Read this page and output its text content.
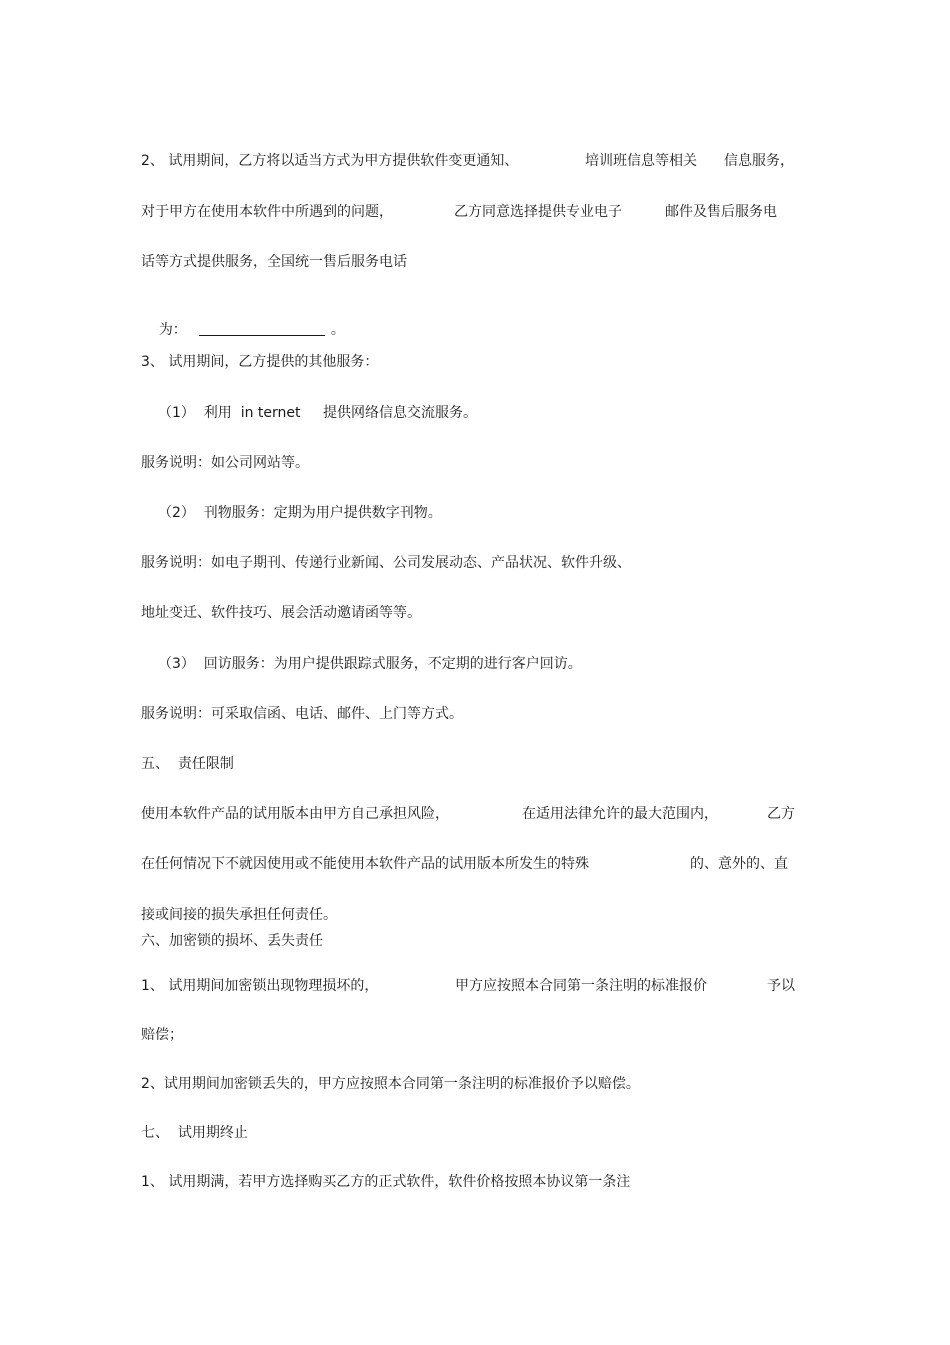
2、 试用期间，乙方将以适当方式为甲方提供软件变更通知、	培训班信息等相关 信息服务，
对于甲方在使用本软件中所遇到的问题，	乙方同意选择提供专业电子	邮件及售后服务电
话等方式提供服务，全国统一售后服务电话

为：	。

3、 试用期间，乙方提供的其他服务：
（1）  利用  in ternet 提供网络信息交流服务。
服务说明：如公司网站等。
（2）  刊物服务：定期为用户提供数字刊物。
服务说明：如电子期刊、传递行业新闻、公司发展动态、产品状况、软件升级、
地址变迁、软件技巧、展会活动邀请函等等。
（3）  回访服务：为用户提供跟踪式服务，不定期的进行客户回访。
服务说明：可采取信函、电话、邮件、上门等方式。
五、  责任限制
使用本软件产品的试用版本由甲方自己承担风险，	在适用法律允许的最大范围内，	乙方
在任何情况下不就因使用或不能使用本软件产品的试用版本所发生的特殊	的、意外的、直
接或间接的损失承担任何责任。
六、加密锁的损坏、丢失责任
1、 试用期间加密锁出现物理损坏的，	甲方应按照本合同第一条注明的标准报价	予以
赔偿；
2、试用期间加密锁丢失的，甲方应按照本合同第一条注明的标准报价予以赔偿。
七、  试用期终止
1、 试用期满，若甲方选择购买乙方的正式软件，软件价格按照本协议第一条注
